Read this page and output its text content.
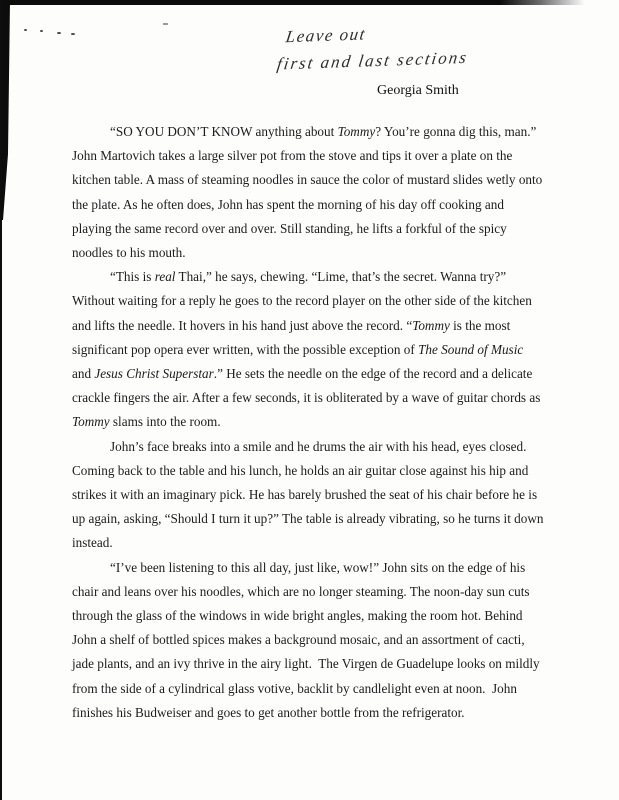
Leave out
first and last sections
Georgia Smith
“SO YOU DON’T KNOW anything about Tommy? You’re gonna dig this, man.”
John Martovich takes a large silver pot from the stove and tips it over a plate on the
kitchen table. A mass of steaming noodles in sauce the color of mustard slides wetly onto
the plate. As he often does, John has spent the morning of his day off cooking and
playing the same record over and over. Still standing, he lifts a forkful of the spicy
noodles to his mouth.
“This is real Thai,” he says, chewing. “Lime, that’s the secret. Wanna try?”
Without waiting for a reply he goes to the record player on the other side of the kitchen
and lifts the needle. It hovers in his hand just above the record. “Tommy is the most
significant pop opera ever written, with the possible exception of The Sound of Music
and Jesus Christ Superstar.” He sets the needle on the edge of the record and a delicate
crackle fingers the air. After a few seconds, it is obliterated by a wave of guitar chords as
Tommy slams into the room.
John’s face breaks into a smile and he drums the air with his head, eyes closed.
Coming back to the table and his lunch, he holds an air guitar close against his hip and
strikes it with an imaginary pick. He has barely brushed the seat of his chair before he is
up again, asking, “Should I turn it up?” The table is already vibrating, so he turns it down
instead.
“I’ve been listening to this all day, just like, wow!” John sits on the edge of his
chair and leans over his noodles, which are no longer steaming. The noon-day sun cuts
through the glass of the windows in wide bright angles, making the room hot. Behind
John a shelf of bottled spices makes a background mosaic, and an assortment of cacti,
jade plants, and an ivy thrive in the airy light.  The Virgen de Guadelupe looks on mildly
from the side of a cylindrical glass votive, backlit by candlelight even at noon.  John
finishes his Budweiser and goes to get another bottle from the refrigerator.
